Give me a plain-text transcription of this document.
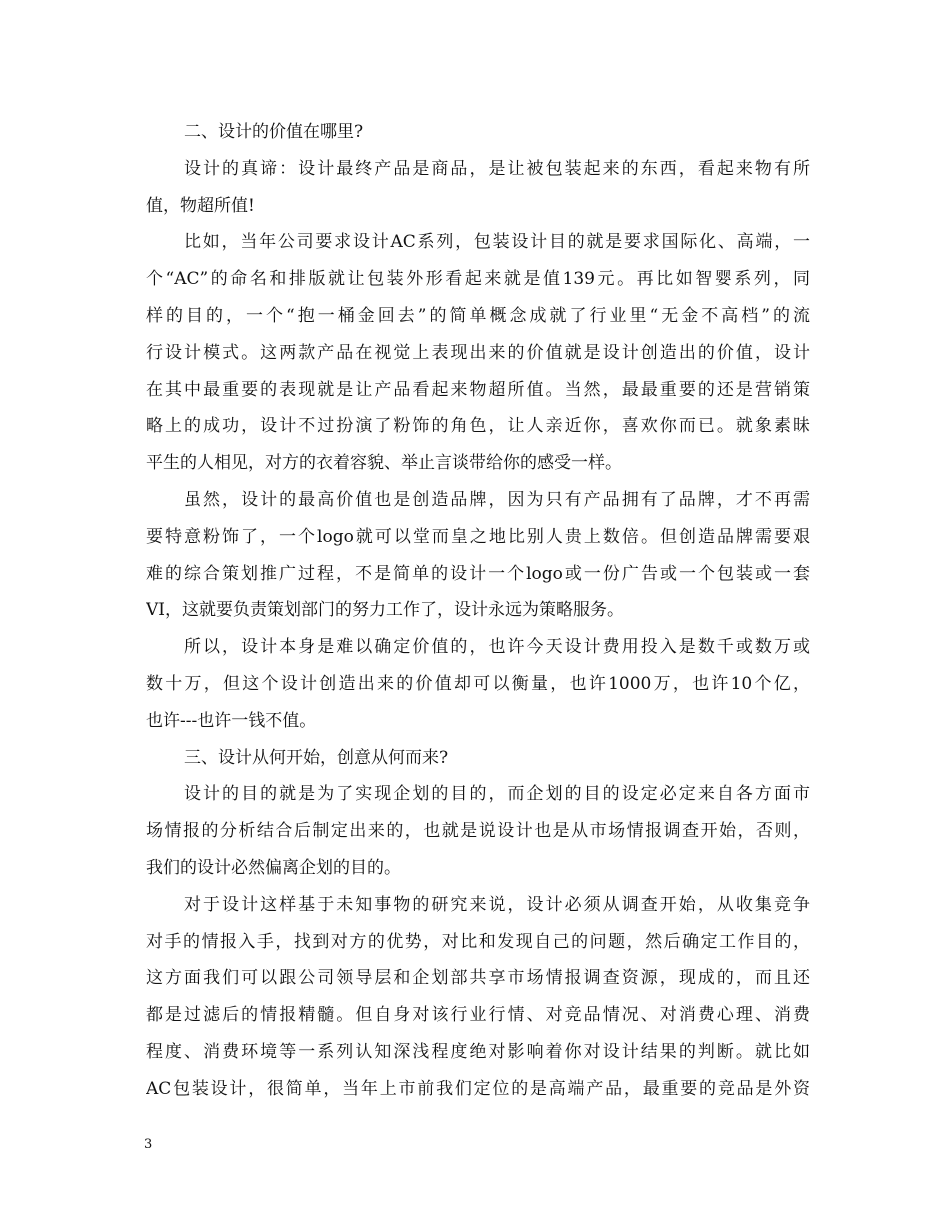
二、设计的价值在哪里?
设计的真谛：设计最终产品是商品，是让被包装起来的东西，看起来物有所
值，物超所值!
比如，当年公司要求设计AC系列，包装设计目的就是要求国际化、高端，一
个“AC”的命名和排版就让包装外形看起来就是值139元。再比如智婴系列，同
样的目的，一个“抱一桶金回去”的简单概念成就了行业里“无金不高档”的流
行设计模式。这两款产品在视觉上表现出来的价值就是设计创造出的价值，设计
在其中最重要的表现就是让产品看起来物超所值。当然，最最重要的还是营销策
略上的成功，设计不过扮演了粉饰的角色，让人亲近你，喜欢你而已。就象素昧
平生的人相见，对方的衣着容貌、举止言谈带给你的感受一样。
虽然，设计的最高价值也是创造品牌，因为只有产品拥有了品牌，才不再需
要特意粉饰了，一个logo就可以堂而皇之地比别人贵上数倍。但创造品牌需要艰
难的综合策划推广过程，不是简单的设计一个logo或一份广告或一个包装或一套
VI，这就要负责策划部门的努力工作了，设计永远为策略服务。
所以，设计本身是难以确定价值的，也许今天设计费用投入是数千或数万或
数十万，但这个设计创造出来的价值却可以衡量，也许1000万，也许10个亿，
也许---也许一钱不值。
三、设计从何开始，创意从何而来?
设计的目的就是为了实现企划的目的，而企划的目的设定必定来自各方面市
场情报的分析结合后制定出来的，也就是说设计也是从市场情报调查开始，否则，
我们的设计必然偏离企划的目的。
对于设计这样基于未知事物的研究来说，设计必须从调查开始，从收集竞争
对手的情报入手，找到对方的优势，对比和发现自己的问题，然后确定工作目的，
这方面我们可以跟公司领导层和企划部共享市场情报调查资源，现成的，而且还
都是过滤后的情报精髓。但自身对该行业行情、对竞品情况、对消费心理、消费
程度、消费环境等一系列认知深浅程度绝对影响着你对设计结果的判断。就比如
AC包装设计，很简单，当年上市前我们定位的是高端产品，最重要的竞品是外资
3
